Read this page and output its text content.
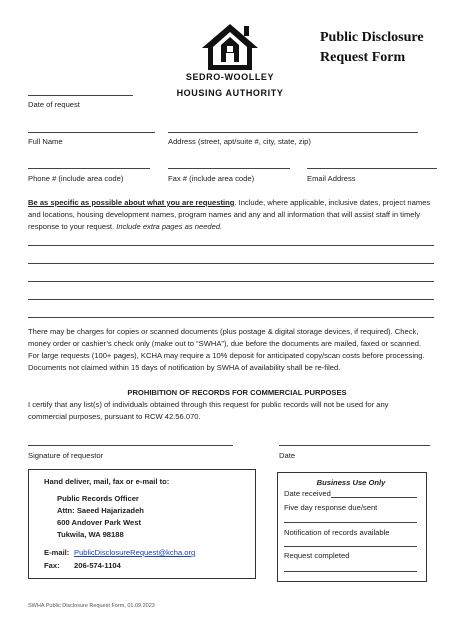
SEDRO-WOOLLEY
HOUSING AUTHORITY
Public Disclosure
Request Form
Date of request
Full Name	Address (street, apt/suite #, city, state, zip)
Phone # (include area code)	Fax # (include area code)	Email Address
Be as specific as possible about what you are requesting. Include, where applicable, inclusive dates, project names and locations, housing development names, program names and any and all information that will assist staff in timely response to your request. Include extra pages as needed.
There may be charges for copies or scanned documents (plus postage & digital storage devices, if required). Check,
money order or cashier’s check only (make out to “SWHA”), due before the documents are mailed, faxed or scanned.
For large requests (100+ pages), KCHA may require a 10% deposit for anticipated copy/scan costs before processing.
Documents not claimed within 15 days of notification by SWHA of availability shall be re-filed.
PROHIBITION OF RECORDS FOR COMMERCIAL PURPOSES
I certify that any list(s) of individuals obtained through this request for public records will not be used for any
commercial purposes, pursuant to RCW 42.56.070.
Signature of requestor	Date
Hand deliver, mail, fax or e-mail to:
Public Records Officer
Attn: Saeed Hajarizadeh
600 Andover Park West
Tukwila, WA 98188
E-mail: PublicDisclosureRequest@kcha.org
Fax: 206-574-1104
Business Use Only
Date received
Five day response due/sent
Notification of records available
Request completed
SWHA Public Disclosure Request Form, 01.09.2023
